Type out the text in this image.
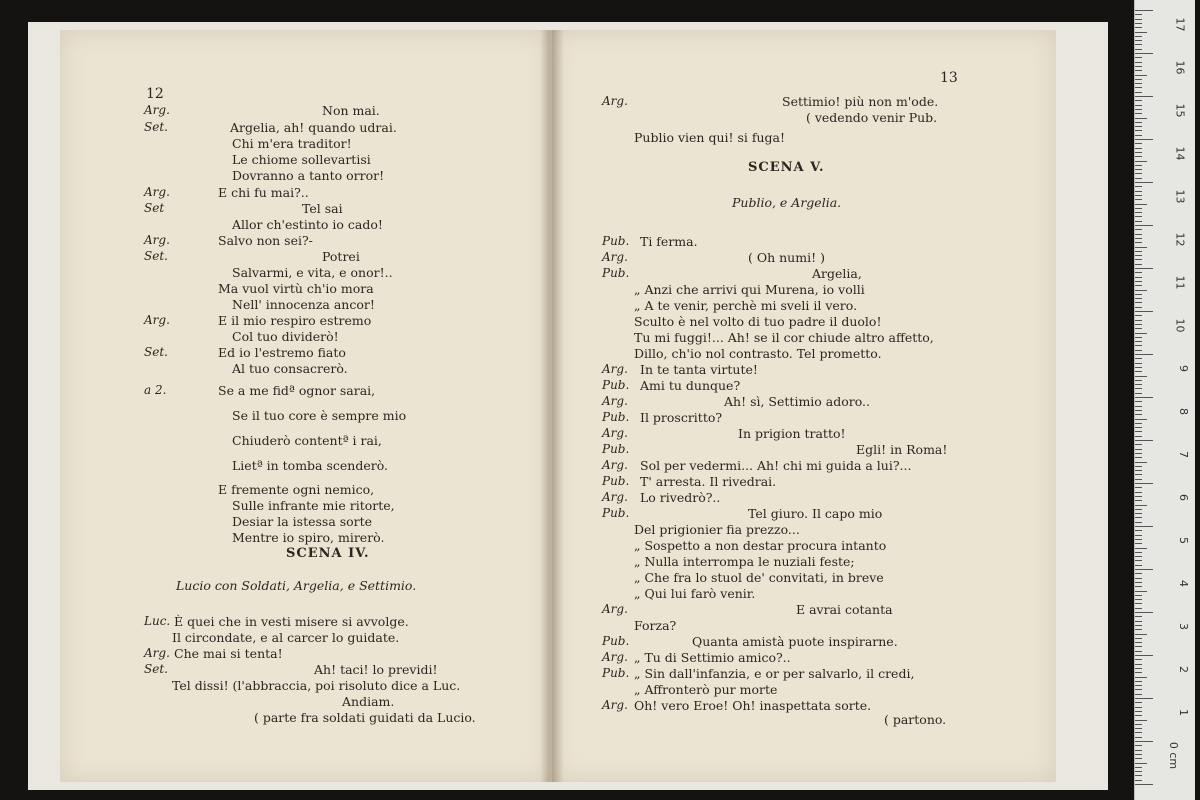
12
SCENA IV.
Lucio con Soldati, Argelia, e Settimio.
Arg.	Non mai.
Set.	Argelia, ah! quando udrai.
Chi m'era traditor!
Le chiome sollevartisi
Dovranno a tanto orror!
Arg.	E chi fu mai?..
Set	Tel sai
Allor ch'estinto io cado!
Arg.	Salvo non sei?-
Set.	Potrei
Salvarmi, e vita, e onor!..
Ma vuol virtù ch'io mora
Nell' innocenza ancor!
Arg.	E il mio respiro estremo
Col tuo dividerò!
Set.	Ed io l'estremo fiato
Al tuo consacrerò.
a 2.	Se a me fidª ognor sarai,
Se il tuo core è sempre mio
Chiuderò contentª i rai,
Lietª in tomba scenderò.
E fremente ogni nemico,
Sulle infrante mie ritorte,
Desiar la istessa sorte
Mentre io spiro, mirerò.
Luc. È quei che in vesti misere si avvolge.
Il circondate, e al carcer lo guidate.
Arg. Che mai si tenta!
Set.	Ah! taci! lo previdi!
Tel dissi! (l'abbraccia, poi risoluto dice a Luc.
Andiam.
( parte fra soldati guidati da Lucio.
13
SCENA V.
Publio, e Argelia.
Arg.	Settimio! più non m'ode.
( vedendo venir Pub.
Publio vien qui! si fuga!
Pub. Ti ferma.
Arg.	( Oh numi! )
Pub.	Argelia,
„ Anzi che arrivi qui Murena, io volli
„ A te venir, perchè mi sveli il vero.
Sculto è nel volto di tuo padre il duolo!
Tu mi fuggi!... Ah! se il cor chiude altro affetto,
Dillo, ch'io nol contrasto. Tel prometto.
Arg. In te tanta virtute!
Pub. Ami tu dunque?
Arg.	Ah! sì, Settimio adoro..
Pub. Il proscritto?
Arg.	In prigion tratto!
Pub.	Egli! in Roma!
Arg. Sol per vedermi... Ah! chi mi guida a lui?...
Pub. T' arresta. Il rivedrai.
Arg. Lo rivedrò?..
Pub.	Tel giuro. Il capo mio
Del prigionier fia prezzo...
„ Sospetto a non destar procura intanto
„ Nulla interrompa le nuziali feste;
„ Che fra lo stuol de' convitati, in breve
„ Qui lui farò venir.
Arg.	E avrai cotanta
Forza?
Pub.	Quanta amistà puote inspirarne.
Arg. „ Tu di Settimio amico?..
Pub. „ Sin dall'infanzia, e or per salvarlo, il credi,
„ Affronterò pur morte
Arg. Oh! vero Eroe! Oh! inaspettata sorte.
( partono.
17
16
15
14
13
12
11
10
9
8
7
6
5
4
3
2
1
0 cm
